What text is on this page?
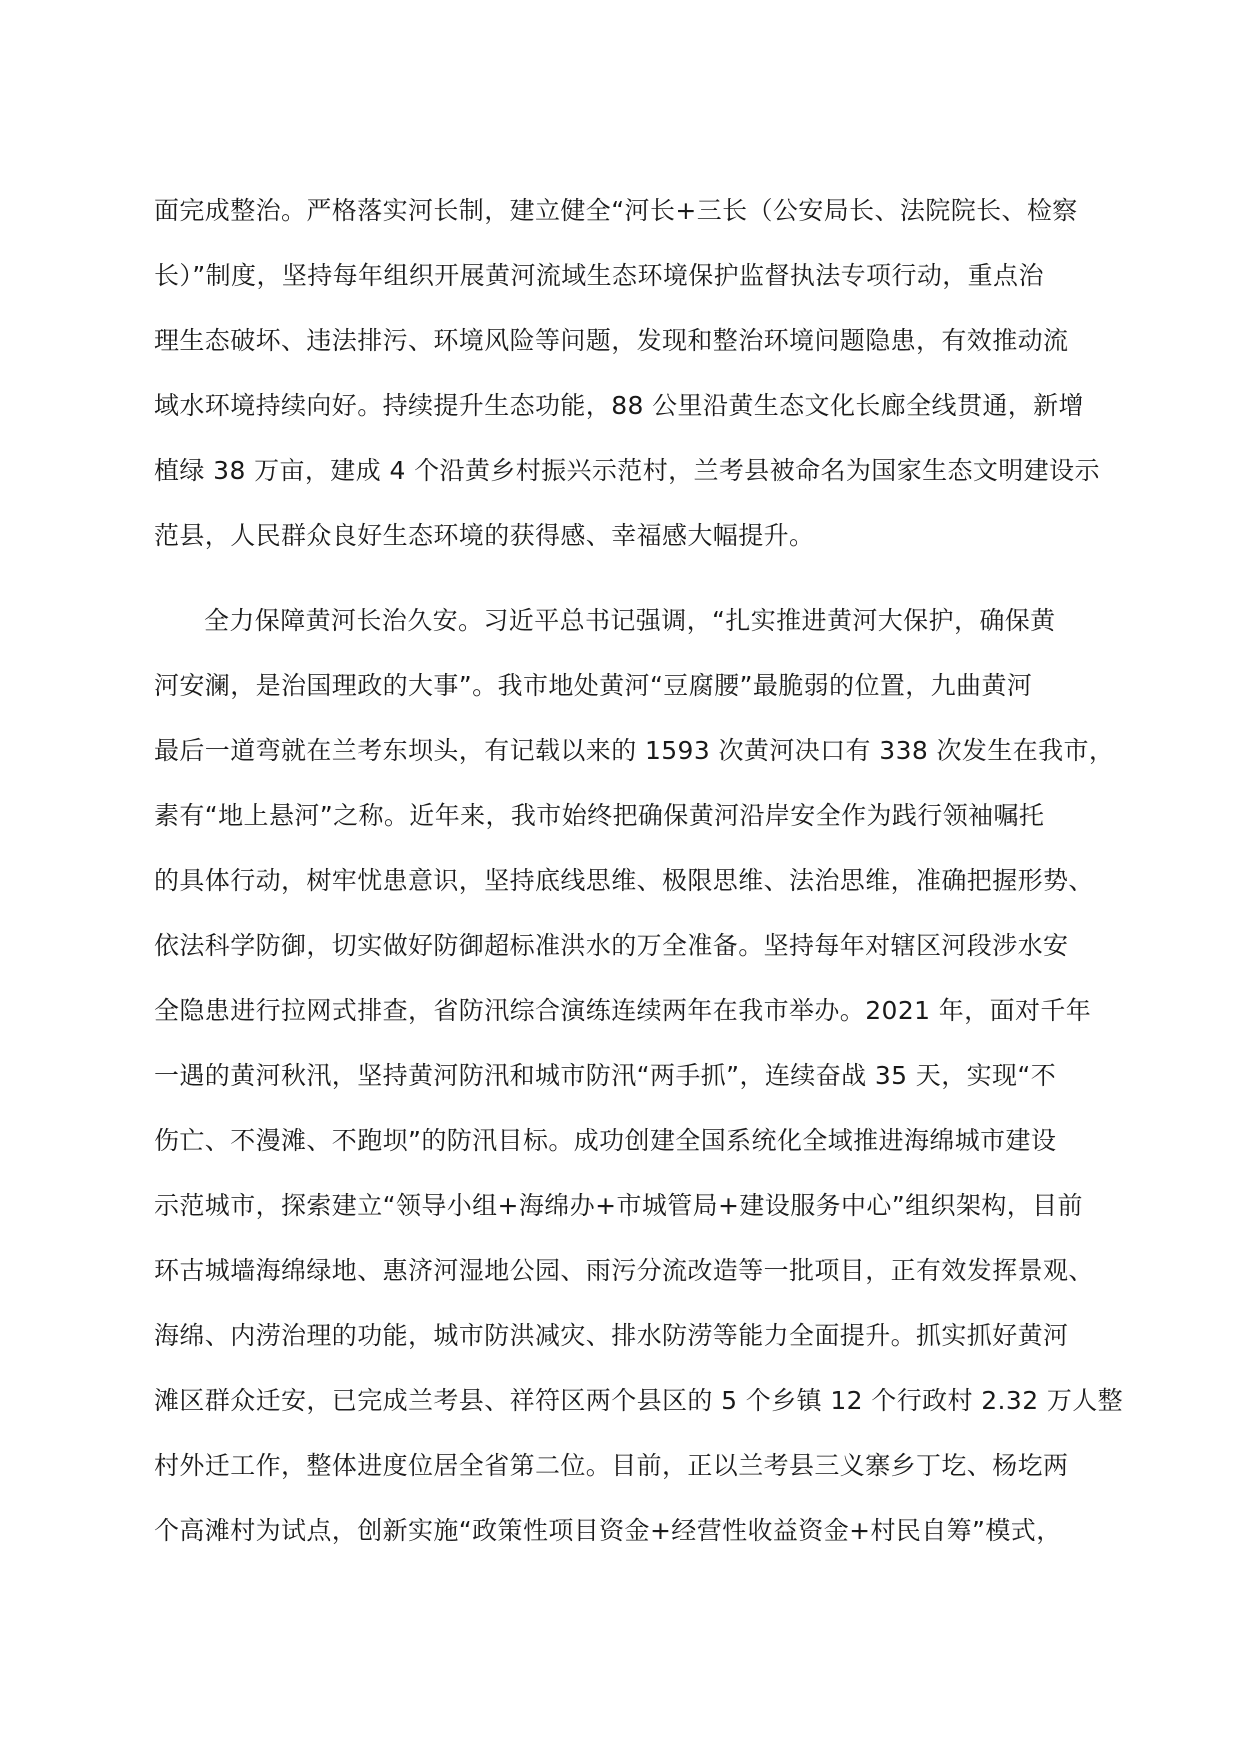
面完成整治。严格落实河长制，建立健全“河长+三长（公安局长、法院院长、检察
长）”制度，坚持每年组织开展黄河流域生态环境保护监督执法专项行动，重点治
理生态破坏、违法排污、环境风险等问题，发现和整治环境问题隐患，有效推动流
域水环境持续向好。持续提升生态功能，88 公里沿黄生态文化长廊全线贯通，新增
植绿 38 万亩，建成 4 个沿黄乡村振兴示范村，兰考县被命名为国家生态文明建设示
范县，人民群众良好生态环境的获得感、幸福感大幅提升。
全力保障黄河长治久安。习近平总书记强调，“扎实推进黄河大保护，确保黄
河安澜，是治国理政的大事”。我市地处黄河“豆腐腰”最脆弱的位置，九曲黄河
最后一道弯就在兰考东坝头，有记载以来的 1593 次黄河决口有 338 次发生在我市，
素有“地上悬河”之称。近年来，我市始终把确保黄河沿岸安全作为践行领袖嘱托
的具体行动，树牢忧患意识，坚持底线思维、极限思维、法治思维，准确把握形势、
依法科学防御，切实做好防御超标准洪水的万全准备。坚持每年对辖区河段涉水安
全隐患进行拉网式排查，省防汛综合演练连续两年在我市举办。2021 年，面对千年
一遇的黄河秋汛，坚持黄河防汛和城市防汛“两手抓”，连续奋战 35 天，实现“不
伤亡、不漫滩、不跑坝”的防汛目标。成功创建全国系统化全域推进海绵城市建设
示范城市，探索建立“领导小组+海绵办+市城管局+建设服务中心”组织架构，目前
环古城墙海绵绿地、惠济河湿地公园、雨污分流改造等一批项目，正有效发挥景观、
海绵、内涝治理的功能，城市防洪减灾、排水防涝等能力全面提升。抓实抓好黄河
滩区群众迁安，已完成兰考县、祥符区两个县区的 5 个乡镇 12 个行政村 2.32 万人整
村外迁工作，整体进度位居全省第二位。目前，正以兰考县三义寨乡丁圪、杨圪两
个高滩村为试点，创新实施“政策性项目资金+经营性收益资金+村民自筹”模式，
